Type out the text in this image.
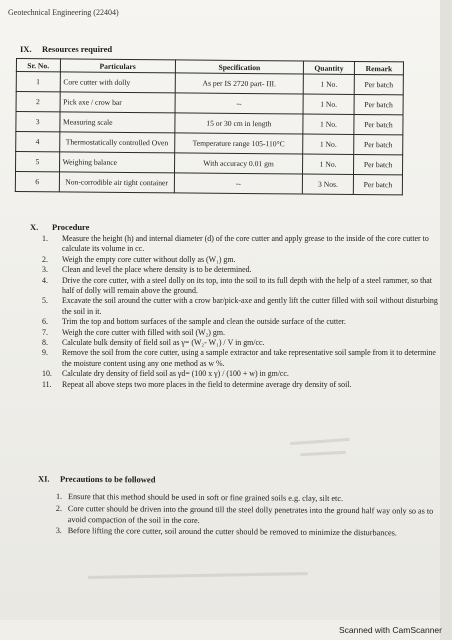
Geotechnical Engineering (22404)
IX. Resources required
Sr. No.	Particulars	Specification	Quantity	Remark
1	Core cutter with dolly	As per IS 2720 part- III.	1 No.	Per batch
2	Pick axe / crow bar	--	1 No.	Per batch
3	Measuring scale	15 or 30 cm in length	1 No.	Per batch
4	Thermostatically controlled Oven	Temperature range 105-110°C	1 No.	Per batch
5	Weighing balance	With accuracy 0.01 gm	1 No.	Per batch
6	Non-corrodible air tight container	--	3 Nos.	Per batch
X. Procedure
1.	Measure the height (h) and internal diameter (d) of the core cutter and apply grease to the inside of the core cutter to calculate its volume in cc.
2.	Weigh the empty core cutter without dolly as (W₁) gm.
3.	Clean and level the place where density is to be determined.
4.	Drive the core cutter, with a steel dolly on its top, into the soil to its full depth with the help of a steel rammer, so that half of dolly will remain above the ground.
5.	Excavate the soil around the cutter with a crow bar/pick-axe and gently lift the cutter filled with soil without disturbing the soil in it.
6.	Trim the top and bottom surfaces of the sample and clean the outside surface of the cutter.
7.	Weigh the core cutter with filled with soil (W₂) gm.
8.	Calculate bulk density of field soil as γ= (W₂- W₁) / V in gm/cc.
9.	Remove the soil from the core cutter, using a sample extractor and take representative soil sample from it to determine the moisture content using any one method as w %.
10.	Calculate dry density of field soil as γd= (100 x γ) / (100 + w) in gm/cc.
11.	Repeat all above steps two more places in the field to determine average dry density of soil.
XI. Precautions to be followed
1. Ensure that this method should be used in soft or fine grained soils e.g. clay, silt etc.
2. Core cutter should be driven into the ground till the steel dolly penetrates into the ground half way only so as to avoid compaction of the soil in the core.
3. Before lifting the core cutter, soil around the cutter should be removed to minimize the disturbances.
Scanned with CamScanner
